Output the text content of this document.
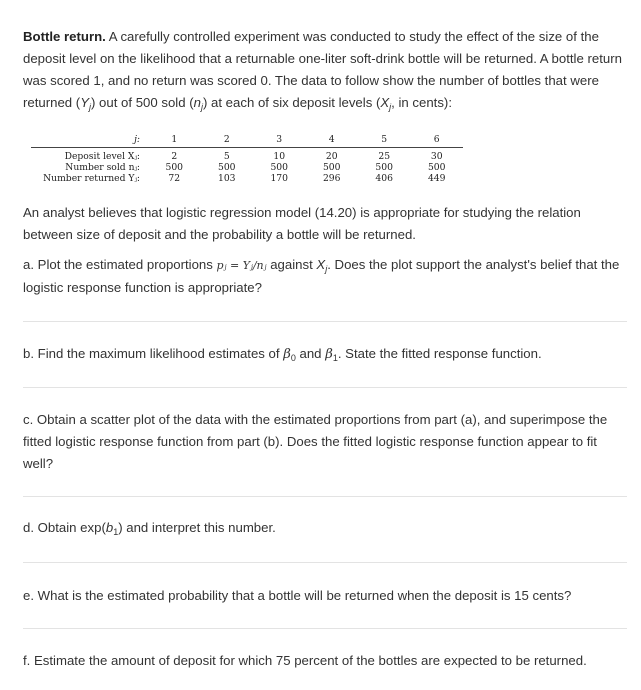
Bottle return. A carefully controlled experiment was conducted to study the effect of the size of the deposit level on the likelihood that a returnable one-liter soft-drink bottle will be returned. A bottle return was scored 1, and no return was scored 0. The data to follow show the number of bottles that were returned $(Y_j)$ out of 500 sold $(n_j)$ at each of six deposit levels ($X_j$, in cents):

j:	1	2	3	4	5	6
Deposit level Xⱼ:	2	5	10	20	25	30
Number sold nⱼ:	500	500	500	500	500	500
Number returned Yⱼ:	72	103	170	296	406	449

An analyst believes that logistic regression model (14.20) is appropriate for studying the relation between size of deposit and the probability a bottle will be returned.

a. Plot the estimated proportions pⱼ = Yⱼ/nⱼ against $X_j$. Does the plot support the analyst's belief that the logistic response function is appropriate?

b. Find the maximum likelihood estimates of $\beta_0$ and $\beta_1$. State the fitted response function.

c. Obtain a scatter plot of the data with the estimated proportions from part (a), and superimpose the fitted logistic response function from part (b). Does the fitted logistic response function appear to fit well?

d. Obtain $\exp(b_1)$ and interpret this number.

e. What is the estimated probability that a bottle will be returned when the deposit is 15 cents?

f. Estimate the amount of deposit for which 75 percent of the bottles are expected to be returned.
